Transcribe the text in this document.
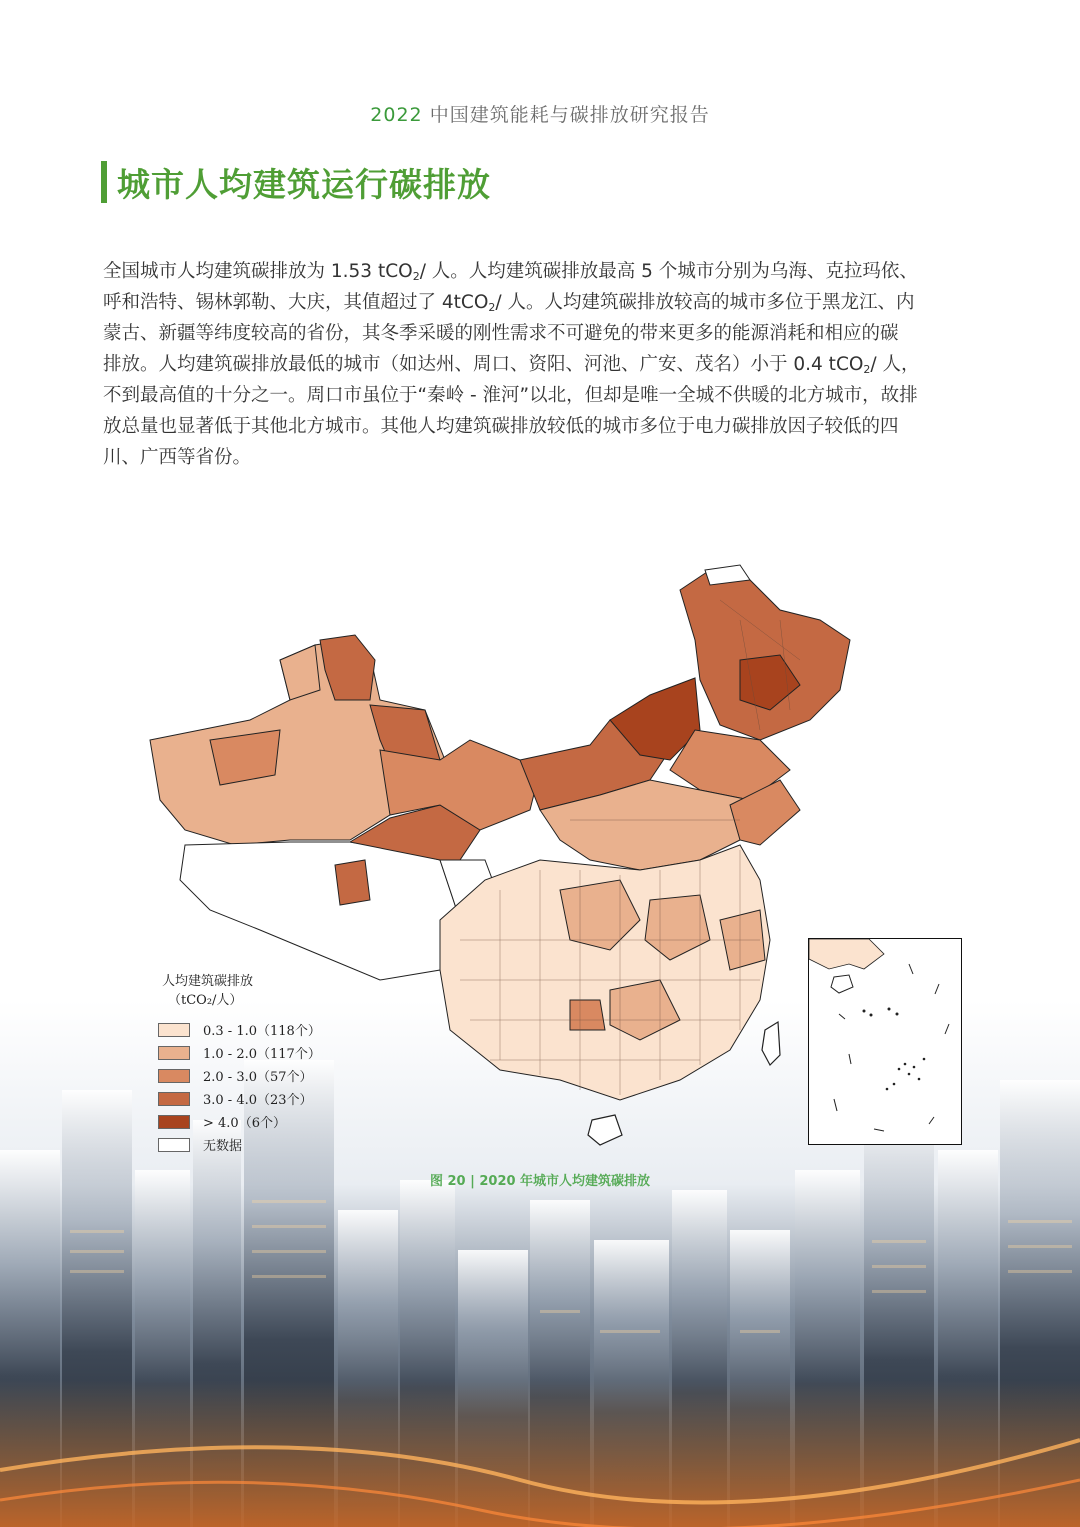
2022 中国建筑能耗与碳排放研究报告
城市人均建筑运行碳排放

全国城市人均建筑碳排放为 1.53 tCO$_2$/ 人。人均建筑碳排放最高 5 个城市分别为乌海、克拉玛依、

呼和浩特、锡林郭勒、大庆，其值超过了 4tCO$_2$/ 人。人均建筑碳排放较高的城市多位于黑龙江、内

蒙古、新疆等纬度较高的省份，其冬季采暖的刚性需求不可避免的带来更多的能源消耗和相应的碳

排放。人均建筑碳排放最低的城市（如达州、周口、资阳、河池、广安、茂名）小于 0.4 tCO$_2$/ 人，

不到最高值的十分之一。周口市虽位于“秦岭 - 淮河”以北，但却是唯一全城不供暖的北方城市，故排

放总量也显著低于其他北方城市。其他人均建筑碳排放较低的城市多位于电力碳排放因子较低的四

川、广西等省份。

人均建筑碳排放
（tCO₂/人）
0.3 - 1.0（118个）
1.0 - 2.0（117个）
2.0 - 3.0（57个）
3.0 - 4.0（23个）
> 4.0（6个）
无数据
图 20 | 2020 年城市人均建筑碳排放
